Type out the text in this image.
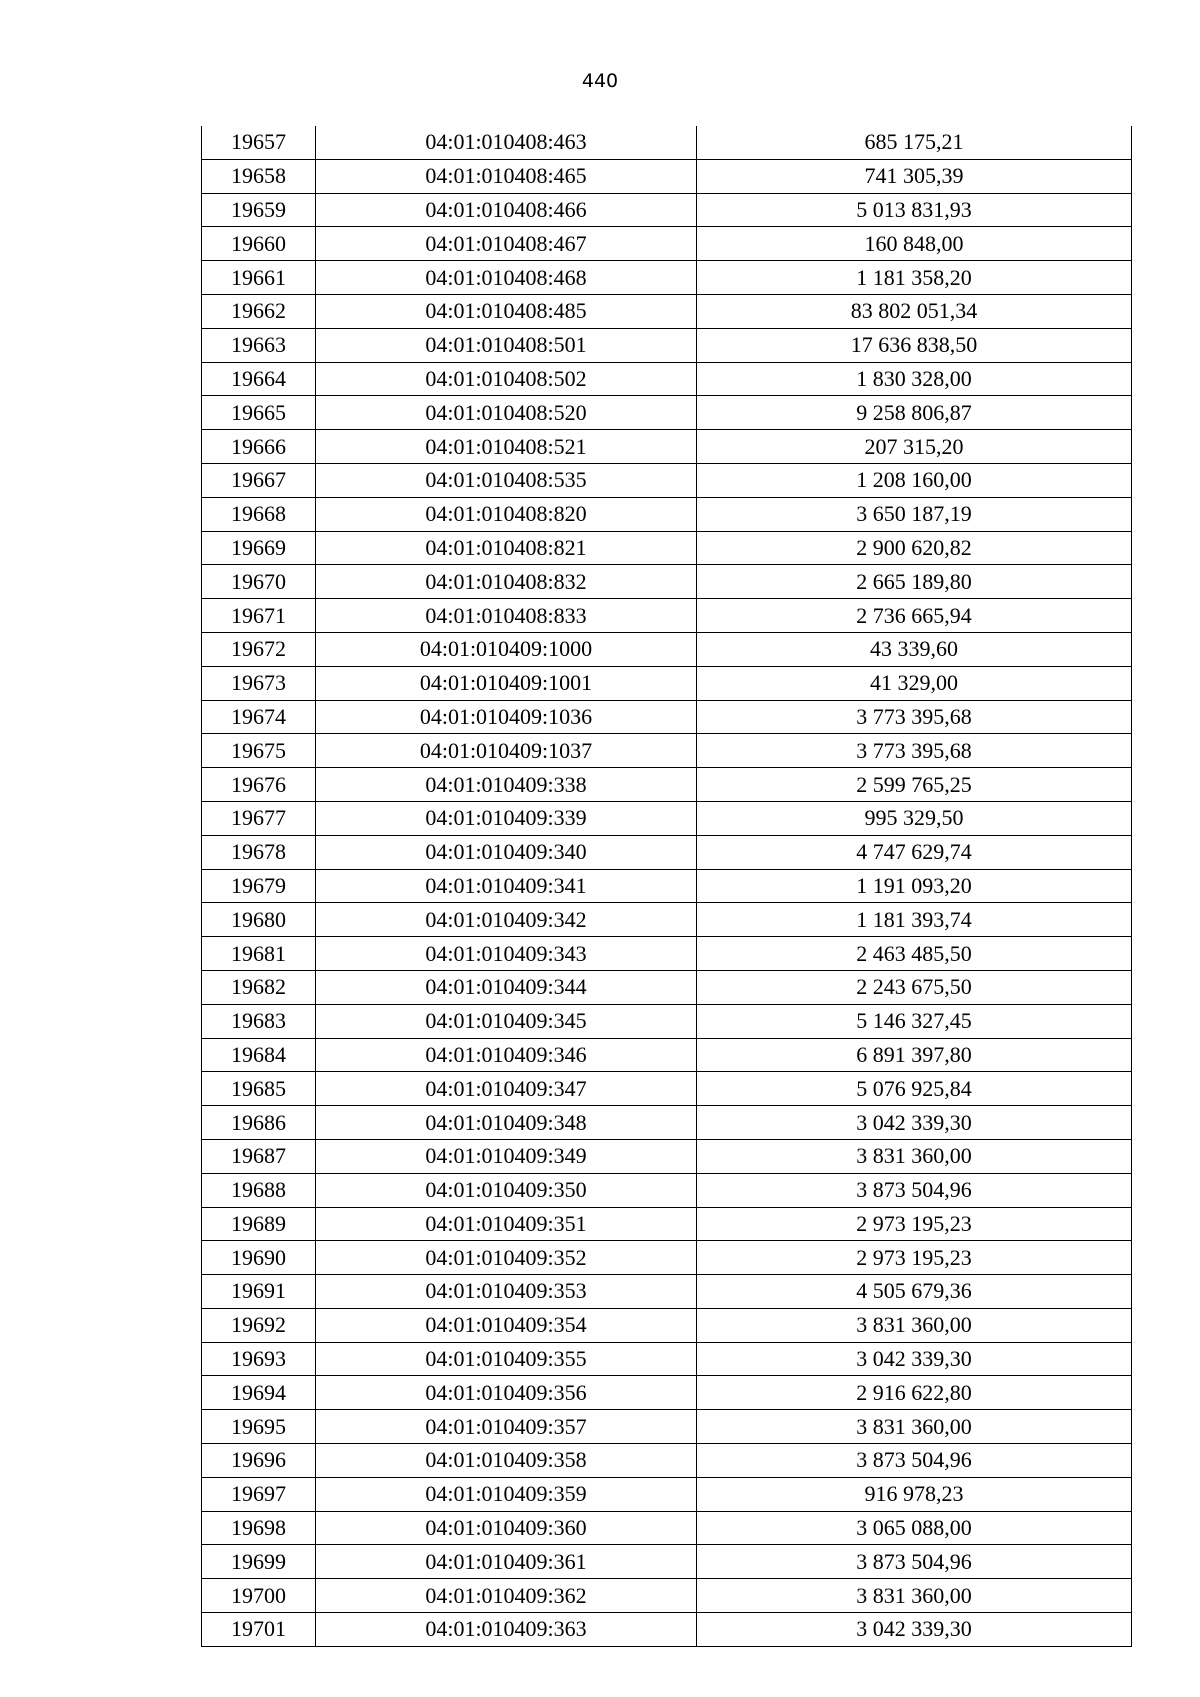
440
19657	04:01:010408:463	685 175,21
19658	04:01:010408:465	741 305,39
19659	04:01:010408:466	5 013 831,93
19660	04:01:010408:467	160 848,00
19661	04:01:010408:468	1 181 358,20
19662	04:01:010408:485	83 802 051,34
19663	04:01:010408:501	17 636 838,50
19664	04:01:010408:502	1 830 328,00
19665	04:01:010408:520	9 258 806,87
19666	04:01:010408:521	207 315,20
19667	04:01:010408:535	1 208 160,00
19668	04:01:010408:820	3 650 187,19
19669	04:01:010408:821	2 900 620,82
19670	04:01:010408:832	2 665 189,80
19671	04:01:010408:833	2 736 665,94
19672	04:01:010409:1000	43 339,60
19673	04:01:010409:1001	41 329,00
19674	04:01:010409:1036	3 773 395,68
19675	04:01:010409:1037	3 773 395,68
19676	04:01:010409:338	2 599 765,25
19677	04:01:010409:339	995 329,50
19678	04:01:010409:340	4 747 629,74
19679	04:01:010409:341	1 191 093,20
19680	04:01:010409:342	1 181 393,74
19681	04:01:010409:343	2 463 485,50
19682	04:01:010409:344	2 243 675,50
19683	04:01:010409:345	5 146 327,45
19684	04:01:010409:346	6 891 397,80
19685	04:01:010409:347	5 076 925,84
19686	04:01:010409:348	3 042 339,30
19687	04:01:010409:349	3 831 360,00
19688	04:01:010409:350	3 873 504,96
19689	04:01:010409:351	2 973 195,23
19690	04:01:010409:352	2 973 195,23
19691	04:01:010409:353	4 505 679,36
19692	04:01:010409:354	3 831 360,00
19693	04:01:010409:355	3 042 339,30
19694	04:01:010409:356	2 916 622,80
19695	04:01:010409:357	3 831 360,00
19696	04:01:010409:358	3 873 504,96
19697	04:01:010409:359	916 978,23
19698	04:01:010409:360	3 065 088,00
19699	04:01:010409:361	3 873 504,96
19700	04:01:010409:362	3 831 360,00
19701	04:01:010409:363	3 042 339,30
